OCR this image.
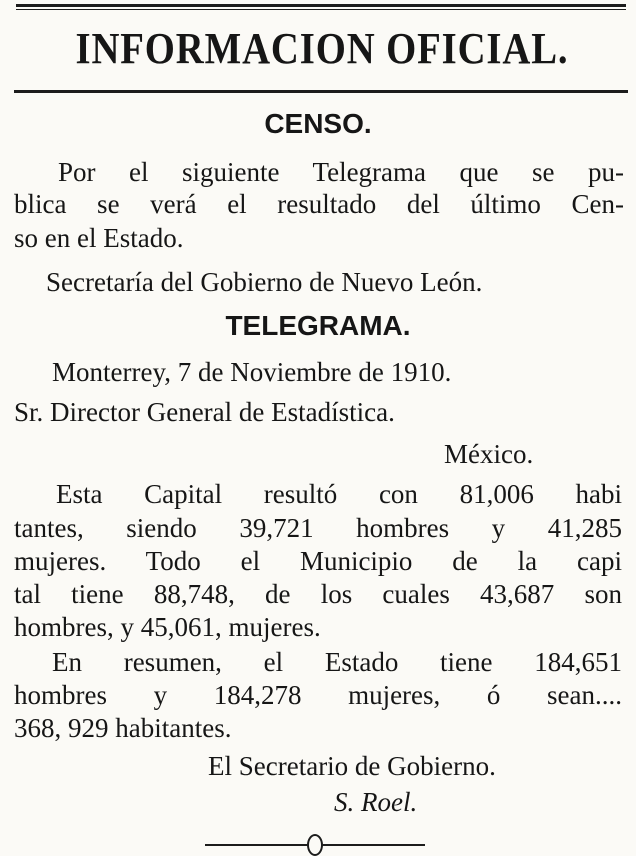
INFORMACION OFICIAL.
CENSO.
Por el siguiente Telegrama que se pu-
blica se verá el resultado del último Cen-
so en el Estado.
Secretaría del Gobierno de Nuevo León.
TELEGRAMA.
Monterrey, 7 de Noviembre de 1910.
Sr. Director General de Estadística.
México.
Esta Capital resultó con 81,006 habi
tantes, siendo 39,721 hombres y 41,285
mujeres. Todo el Municipio de la capi
tal tiene 88,748, de los cuales 43,687 son
hombres, y 45,061, mujeres.
En resumen, el Estado tiene 184,651
hombres y 184,278 mujeres, ó sean....
368, 929 habitantes.
El Secretario de Gobierno.
S. Roel.
